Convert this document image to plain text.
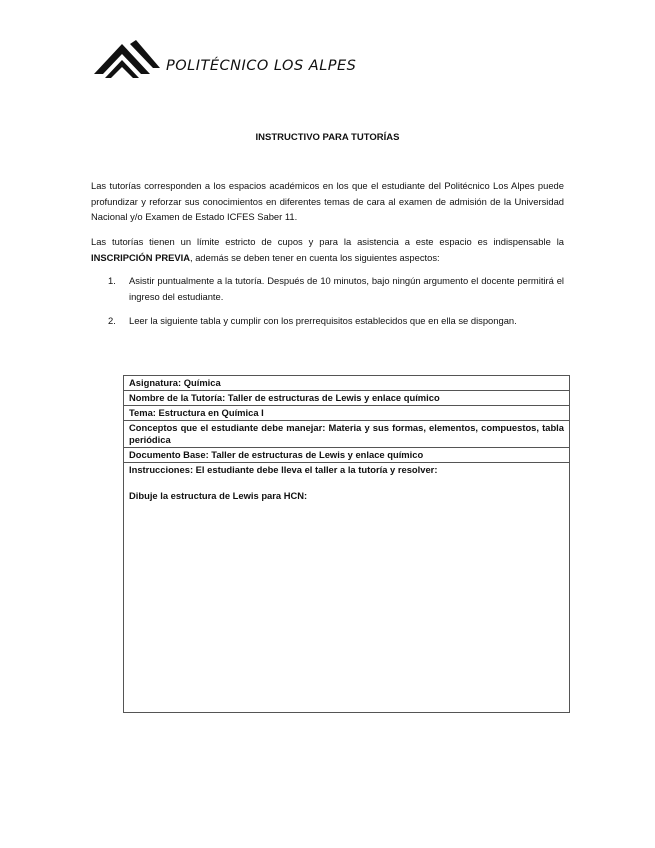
POLITÉCNICO LOS ALPES
INSTRUCTIVO PARA TUTORÍAS
Las tutorías corresponden a los espacios académicos en los que el estudiante del Politécnico Los Alpes puede profundizar y reforzar sus conocimientos en diferentes temas de cara al examen de admisión de la Universidad Nacional y/o Examen de Estado ICFES Saber 11.
Las tutorías tienen un límite estricto de cupos y para la asistencia a este espacio es indispensable la INSCRIPCIÓN PREVIA, además se deben tener en cuenta los siguientes aspectos:
1. Asistir puntualmente a la tutoría. Después de 10 minutos, bajo ningún argumento el docente permitirá el ingreso del estudiante.
2. Leer la siguiente tabla y cumplir con los prerrequisitos establecidos que en ella se dispongan.
Asignatura: Química
Nombre de la Tutoría: Taller de estructuras de Lewis y enlace químico
Tema: Estructura en Química I
Conceptos que el estudiante debe manejar: Materia y sus formas, elementos, compuestos, tabla periódica
Documento Base: Taller de estructuras de Lewis y enlace químico

Instrucciones: El estudiante debe lleva el taller a la tutoría y resolver:
Dibuje la estructura de Lewis para HCN:
